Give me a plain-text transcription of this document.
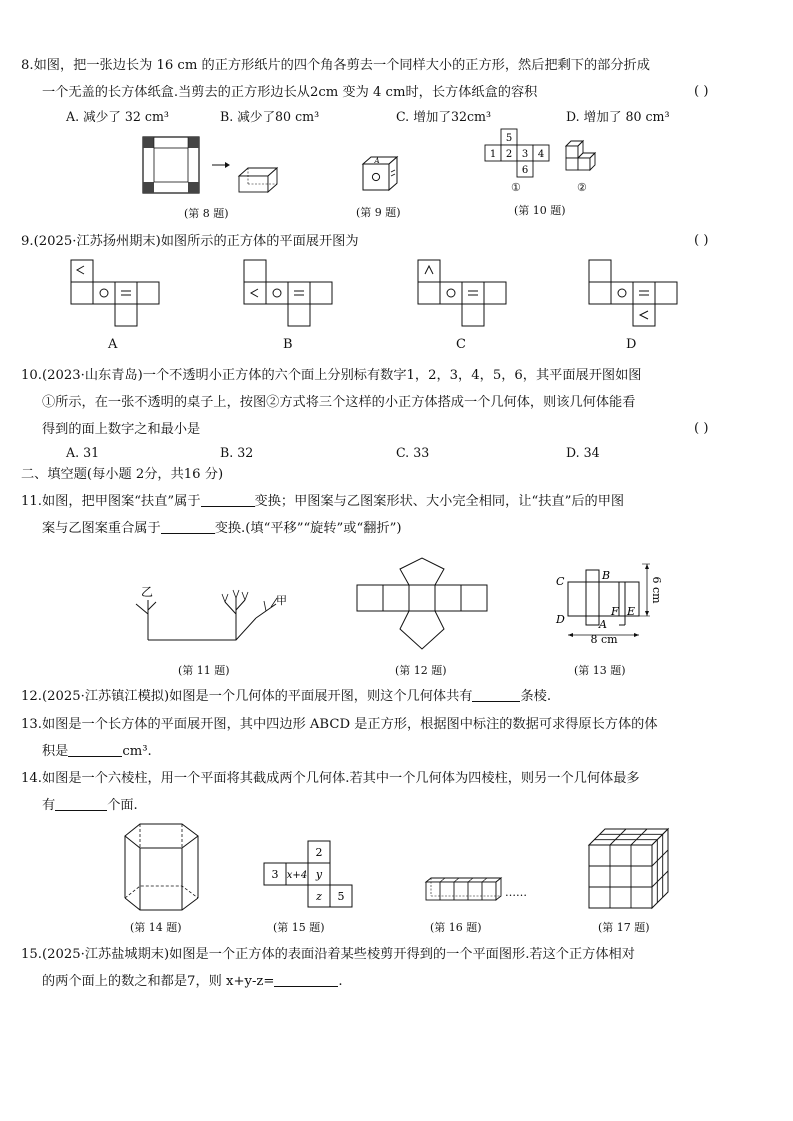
8.如图，把一张边长为 16 cm 的正方形纸片的四个角各剪去一个同样大小的正方形，然后把剩下的部分折成
一个无盖的长方体纸盒.当剪去的正方形边长从2cm 变为 4 cm时，长方体纸盒的容积	( )
A. 减少了 32 cm³	B. 减少了80 cm³	C. 增加了32cm³	D. 增加了 80 cm³
(第 8 题)
A
(第 9 题)
5
1 2 3 4
6
①	②
(第 10 题)
9.(2025·江苏扬州期末)如图所示的正方体的平面展开图为	( )
A	B	C	D
10.(2023·山东青岛)一个不透明小正方体的六个面上分别标有数字1，2，3，4，5，6，其平面展开图如图
①所示，在一张不透明的桌子上，按图②方式将三个这样的小正方体搭成一个几何体，则该几何体能看
得到的面上数字之和最小是	( )
A. 31	B. 32	C. 33	D. 34
二、填空题(每小题 2分，共16 分)
11.如图，把甲图案“扶直”属于	变换；甲图案与乙图案形状、大小完全相同，让“扶直”后的甲图
案与乙图案重合属于	变换.(填“平移”“旋转”或“翻折”)
乙
甲
(第 11 题)	(第 12 题)
8 cm
6 cm
C	B
D
F E
A
(第 13 题)
12.(2025·江苏镇江模拟)如图是一个几何体的平面展开图，则这个几何体共有	条棱.
13.如图是一个长方体的平面展开图，其中四边形 ABCD 是正方形，根据图中标注的数据可求得原长方体的体
积是	cm³.
14.如图是一个六棱柱，用一个平面将其截成两个几何体.若其中一个几何体为四棱柱，则另一个几何体最多
有	个面.
(第 14 题)
2
3 x+4 y
z 5
(第 15 题)
……
(第 16 题)	(第 17 题)
15.(2025·江苏盐城期末)如图是一个正方体的表面沿着某些棱剪开得到的一个平面图形.若这个正方体相对
的两个面上的数之和都是7，则 x+y-z=	.
